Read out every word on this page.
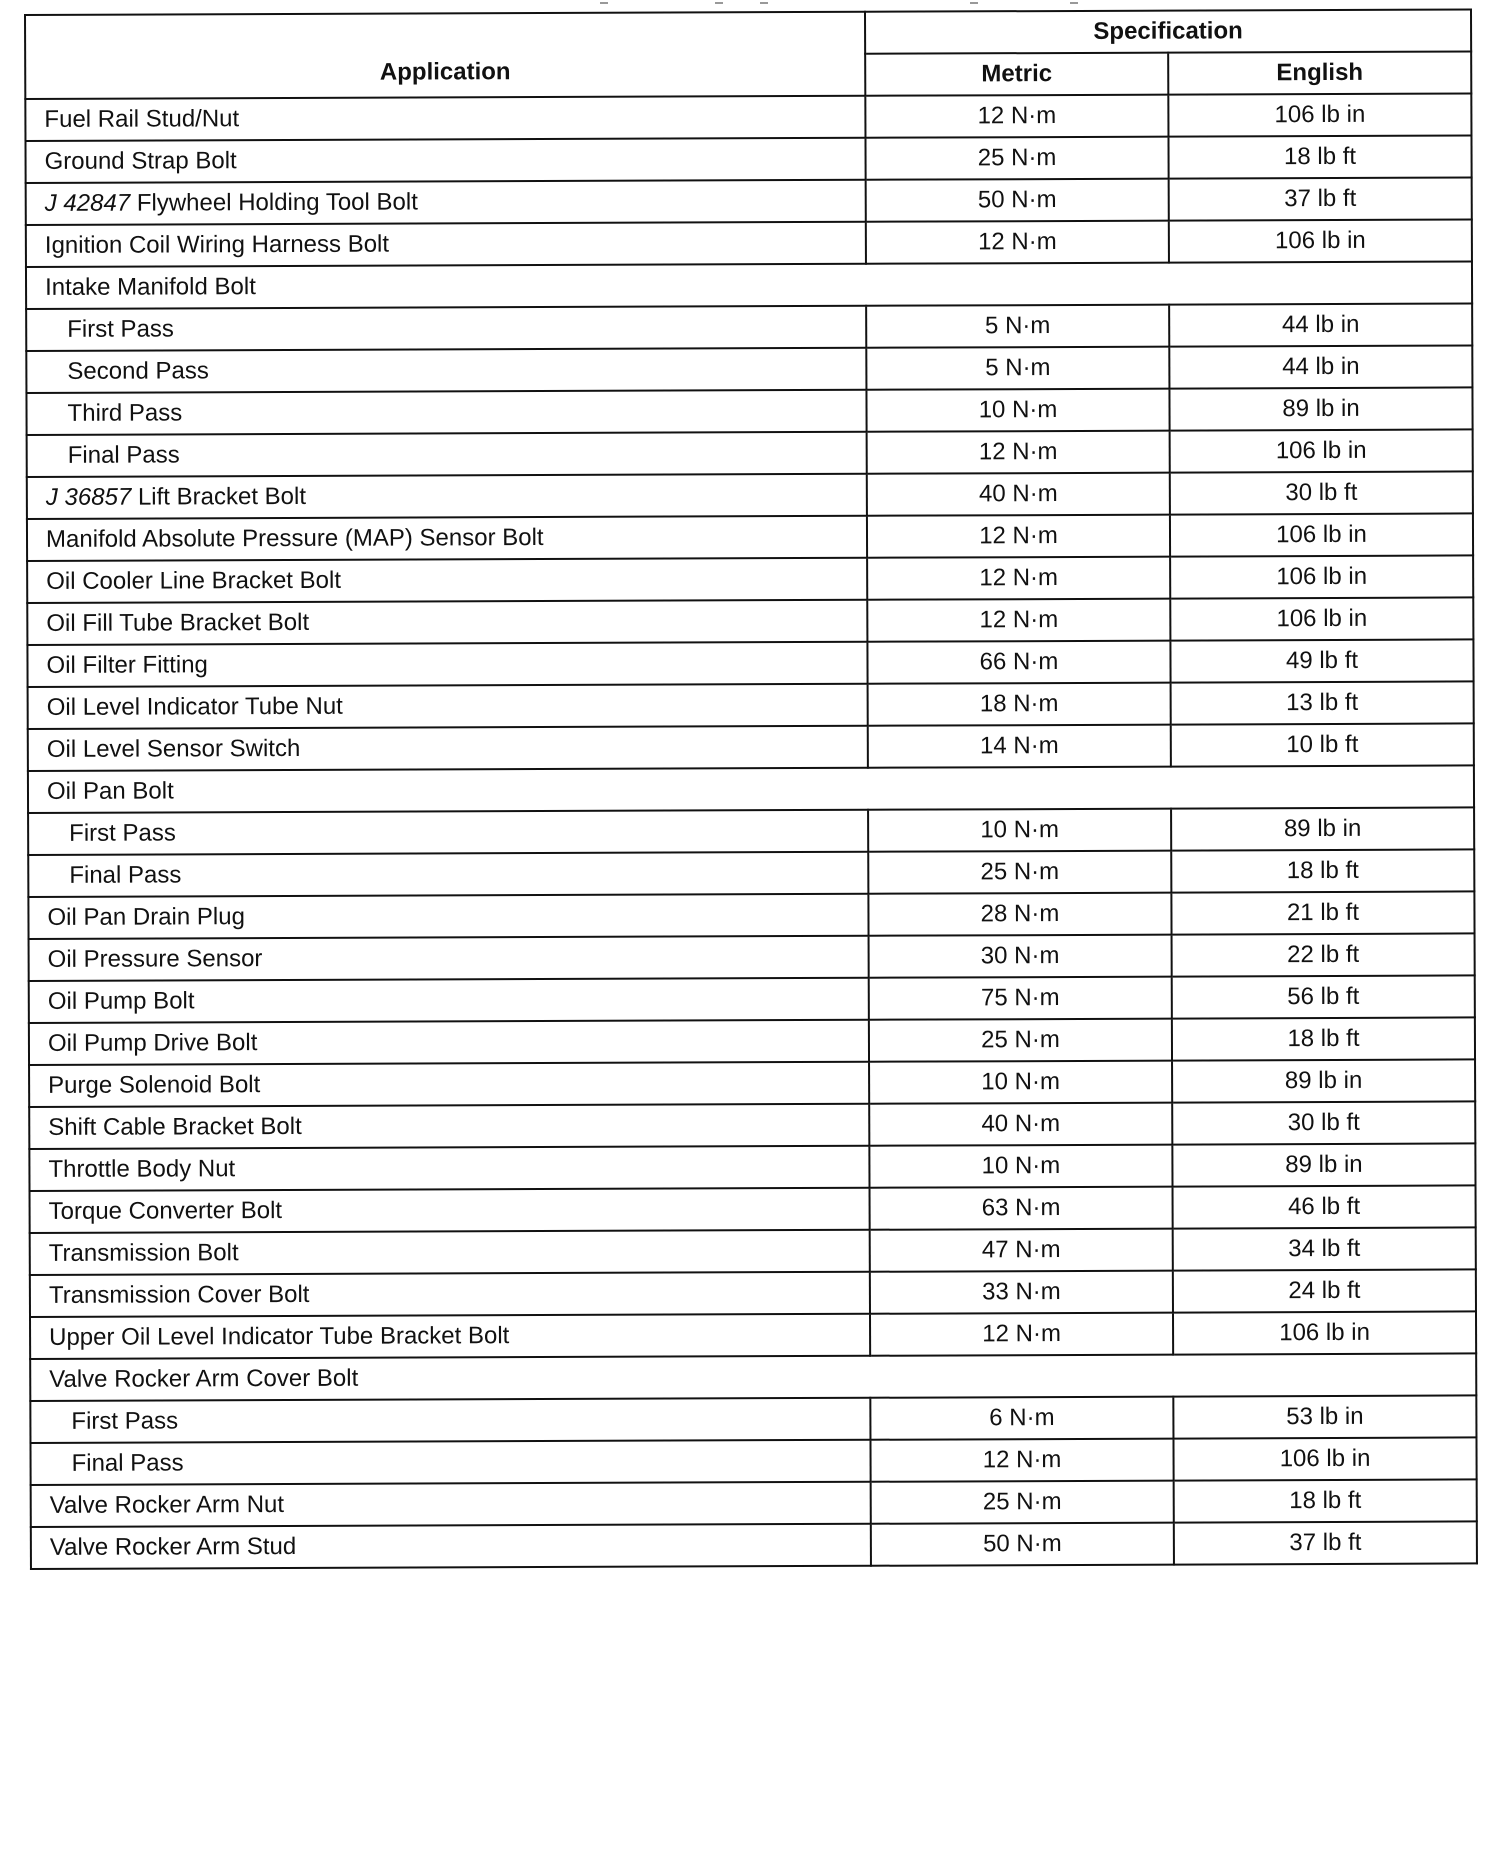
Application	Specification	
	Metric	English
Fuel Rail Stud/Nut	12 N·m	106 lb in
Ground Strap Bolt	25 N·m	18 lb ft
J 42847 Flywheel Holding Tool Bolt	50 N·m	37 lb ft
Ignition Coil Wiring Harness Bolt	12 N·m	106 lb in
Intake Manifold Bolt		
First Pass	5 N·m	44 lb in
Second Pass	5 N·m	44 lb in
Third Pass	10 N·m	89 lb in
Final Pass	12 N·m	106 lb in
J 36857 Lift Bracket Bolt	40 N·m	30 lb ft
Manifold Absolute Pressure (MAP) Sensor Bolt	12 N·m	106 lb in
Oil Cooler Line Bracket Bolt	12 N·m	106 lb in
Oil Fill Tube Bracket Bolt	12 N·m	106 lb in
Oil Filter Fitting	66 N·m	49 lb ft
Oil Level Indicator Tube Nut	18 N·m	13 lb ft
Oil Level Sensor Switch	14 N·m	10 lb ft
Oil Pan Bolt		
First Pass	10 N·m	89 lb in
Final Pass	25 N·m	18 lb ft
Oil Pan Drain Plug	28 N·m	21 lb ft
Oil Pressure Sensor	30 N·m	22 lb ft
Oil Pump Bolt	75 N·m	56 lb ft
Oil Pump Drive Bolt	25 N·m	18 lb ft
Purge Solenoid Bolt	10 N·m	89 lb in
Shift Cable Bracket Bolt	40 N·m	30 lb ft
Throttle Body Nut	10 N·m	89 lb in
Torque Converter Bolt	63 N·m	46 lb ft
Transmission Bolt	47 N·m	34 lb ft
Transmission Cover Bolt	33 N·m	24 lb ft
Upper Oil Level Indicator Tube Bracket Bolt	12 N·m	106 lb in
Valve Rocker Arm Cover Bolt		
First Pass	6 N·m	53 lb in
Final Pass	12 N·m	106 lb in
Valve Rocker Arm Nut	25 N·m	18 lb ft
Valve Rocker Arm Stud	50 N·m	37 lb ft
